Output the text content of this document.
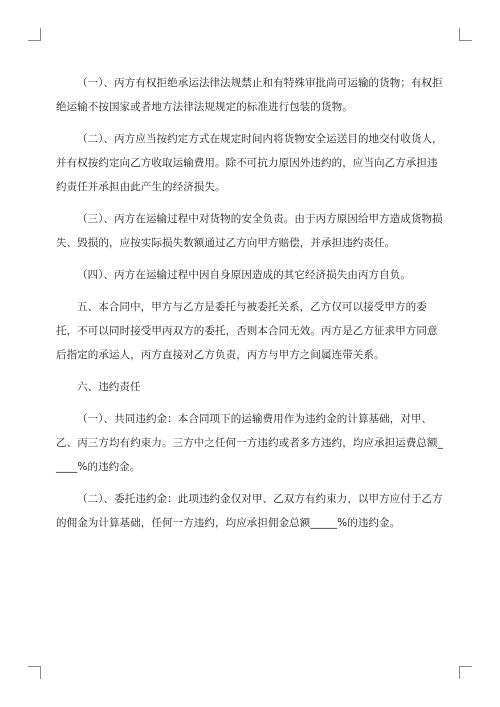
（一）、丙方有权拒绝承运法律法规禁止和有特殊审批尚可运输的货物；有权拒绝运输不按国家或者地方法律法规规定的标准进行包装的货物。

（二）、丙方应当按约定方式在规定时间内将货物安全运送目的地交付收货人，并有权按约定向乙方收取运输费用。除不可抗力原因外违约的，应当向乙方承担违约责任并承担由此产生的经济损失。

（三）、丙方在运输过程中对货物的安全负责。由于丙方原因给甲方造成货物损失、毁损的，应按实际损失数额通过乙方向甲方赔偿，并承担违约责任。

（四）、丙方在运输过程中因自身原因造成的其它经济损失由丙方自负。

五、本合同中，甲方与乙方是委托与被委托关系，乙方仅可以接受甲方的委托，不可以同时接受甲丙双方的委托，否则本合同无效。丙方是乙方征求甲方同意后指定的承运人，丙方直接对乙方负责，丙方与甲方之间属连带关系。

六、违约责任

（一）、共同违约金：本合同项下的运输费用作为违约金的计算基础，对甲、乙、丙三方均有约束力。三方中之任何一方违约或者多方违约，均应承担运费总额_____%的违约金。

（二）、委托违约金：此项违约金仅对甲、乙双方有约束力，以甲方应付于乙方的佣金为计算基础，任何一方违约，均应承担佣金总额_____%的违约金。
